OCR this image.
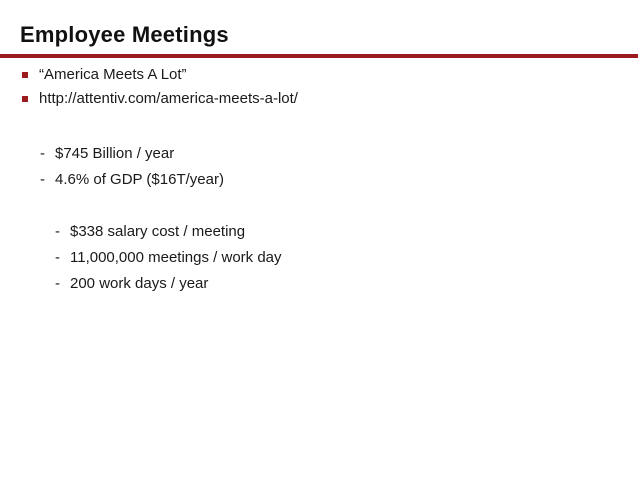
Employee Meetings
“America Meets A Lot”
http://attentiv.com/america-meets-a-lot/
- $745 Billion / year
- 4.6% of GDP ($16T/year)
- $338 salary cost / meeting
- 11,000,000 meetings / work day
- 200 work days / year
